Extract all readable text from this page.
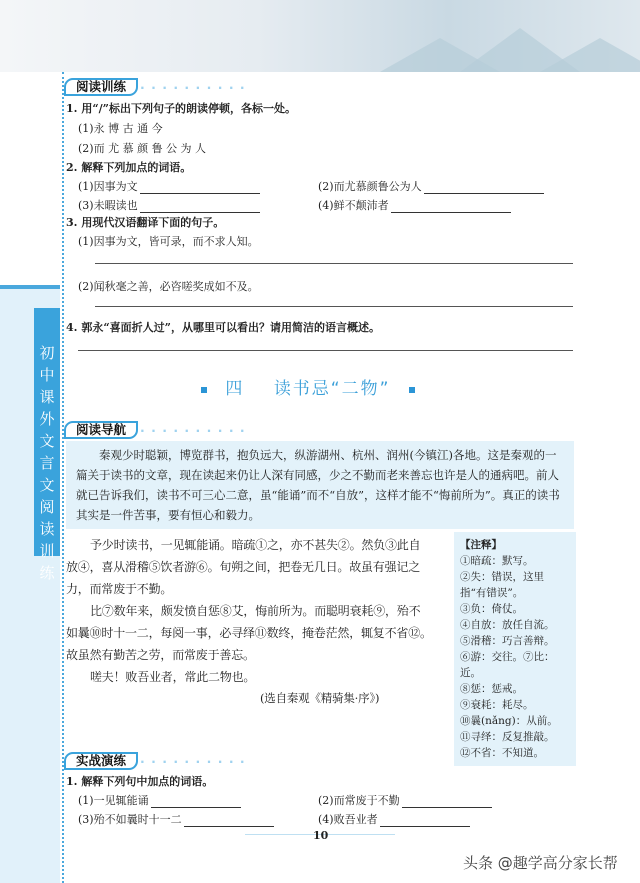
初中课外文言文阅读训练
阅读训练 · · ·
1. 用“/”标出下列句子的朗读停顿，各标一处。
(1)永 博 古 通 今
(2)而 尤 慕 颜 鲁 公 为 人
2. 解释下列加点的词语。
(1)因事为文	(2)而尤慕颜鲁公为人
(3)未暇读也	(4)鲜不颠沛者
3. 用现代汉语翻译下面的句子。
(1)因事为文，皆可录，而不求人知。
(2)闻秋毫之善，必咨嗟奖成如不及。
4. 郭永“喜面折人过”，从哪里可以看出？请用简洁的语言概述。
四 读书忌“二物”
阅读导航 · · ·
秦观少时聪颖，博览群书，抱负远大，纵游湖州、杭州、润州(今镇江)各地。这是秦观的一篇关于读书的文章，现在读起来仍让人深有同感，少之不勤而老来善忘也许是人的通病吧。前人就已告诉我们，读书不可三心二意，虽“能诵”而不“自放”，这样才能不“悔前所为”。真正的读书其实是一件苦事，要有恒心和毅力。

予少时读书，一见辄能诵。暗疏①之，亦不甚失②。然负③此自

放④，喜从滑稽⑤饮者游⑥。旬朔之间，把卷无几日。故虽有强记之

力，而常废于不勤。

比⑦数年来，颇发愤自惩⑧艾，悔前所为。而聪明衰耗⑨，殆不

如曩⑩时十一二，每阅一事，必寻绎⑪数终，掩卷茫然，辄复不省⑫。

故虽然有勤苦之劳，而常废于善忘。

嗟夫！败吾业者，常此二物也。

(选自秦观《精骑集·序》)

【注释】
①暗疏：默写。
②失：错误，这里指“有错误”。
③负：倚仗。
④自放：放任自流。
⑤滑稽：巧言善辩。
⑥游：交往。⑦比：近。
⑧惩：惩戒。
⑨衰耗：耗尽。
⑩曩(nǎng)：从前。
⑪寻绎：反复推敲。
⑫不省：不知道。
实战演练 · · ·
1. 解释下列句中加点的词语。
(1)一见辄能诵	(2)而常废于不勤
(3)殆不如曩时十一二	(4)败吾业者
10
头条 @趣学高分家长帮
